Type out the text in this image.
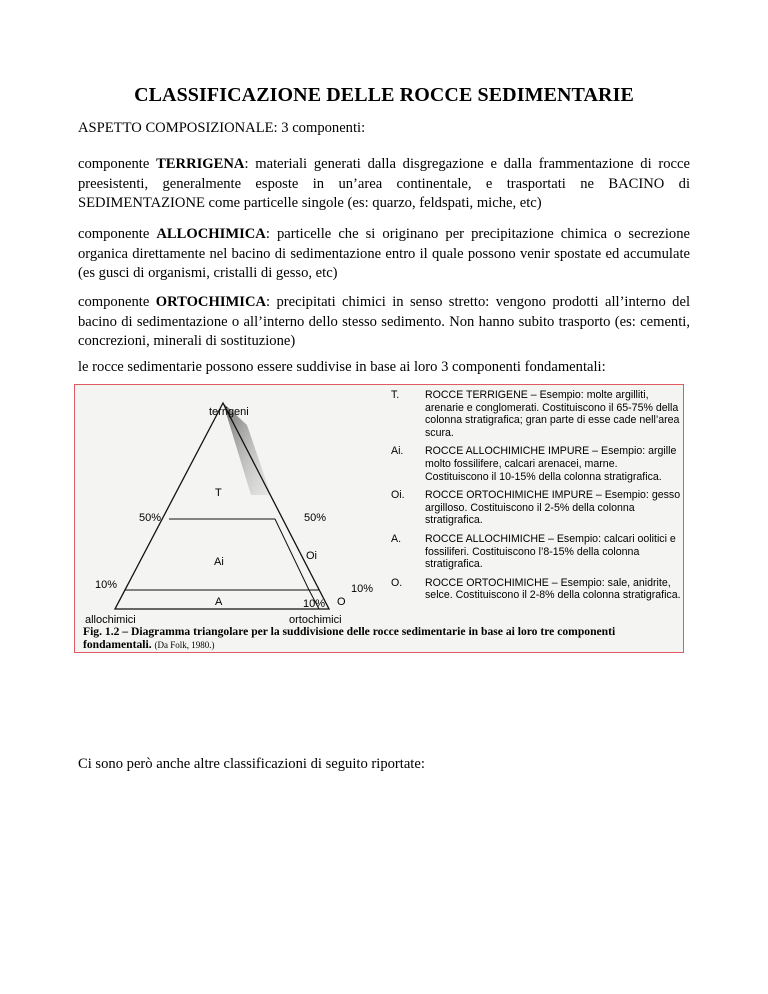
CLASSIFICAZIONE DELLE ROCCE SEDIMENTARIE
ASPETTO COMPOSIZIONALE: 3 componenti:
componente TERRIGENA: materiali generati dalla disgregazione e dalla frammentazione di rocce preesistenti, generalmente esposte in un’area continentale, e trasportati ne BACINO di SEDIMENTAZIONE come particelle singole (es: quarzo, feldspati, miche, etc)
componente ALLOCHIMICA: particelle che si originano per precipitazione chimica o secrezione organica direttamente nel bacino di sedimentazione entro il quale possono venir spostate ed accumulate (es gusci di organismi, cristalli di gesso, etc)
componente ORTOCHIMICA: precipitati chimici in senso stretto: vengono prodotti all’interno del bacino di sedimentazione o all’interno dello stesso sedimento. Non hanno subito trasporto (es: cementi, concrezioni, minerali di sostituzione)
le rocce sedimentarie possono essere suddivise in base ai loro 3 componenti fondamentali:
terrigeni
T
50%	50%
Ai	Oi
10%	10%
A	10% O
allochimici	ortochimici
T. ROCCE TERRIGENE – Esempio: molte argilliti, arenarie e conglomerati. Costituiscono il 65-75% della colonna stratigrafica; gran parte di esse cade nell’area scura.
Ai. ROCCE ALLOCHIMICHE IMPURE – Esempio: argille molto fossilifere, calcari arenacei, marne. Costituiscono il 10-15% della colonna stratigrafica.
Oi. ROCCE ORTOCHIMICHE IMPURE – Esempio: gesso argilloso. Costituiscono il 2-5% della colonna stratigrafica.
A. ROCCE ALLOCHIMICHE – Esempio: calcari oolitici e fossiliferi. Costituiscono l’8-15% della colonna stratigrafica.
O. ROCCE ORTOCHIMICHE – Esempio: sale, anidrite, selce. Costituiscono il 2-8% della colonna stratigrafica.
Fig. 1.2 – Diagramma triangolare per la suddivisione delle rocce sedimentarie in base ai loro tre componenti fondamentali. (Da Folk, 1980.)
Ci sono però anche altre classificazioni di seguito riportate:
